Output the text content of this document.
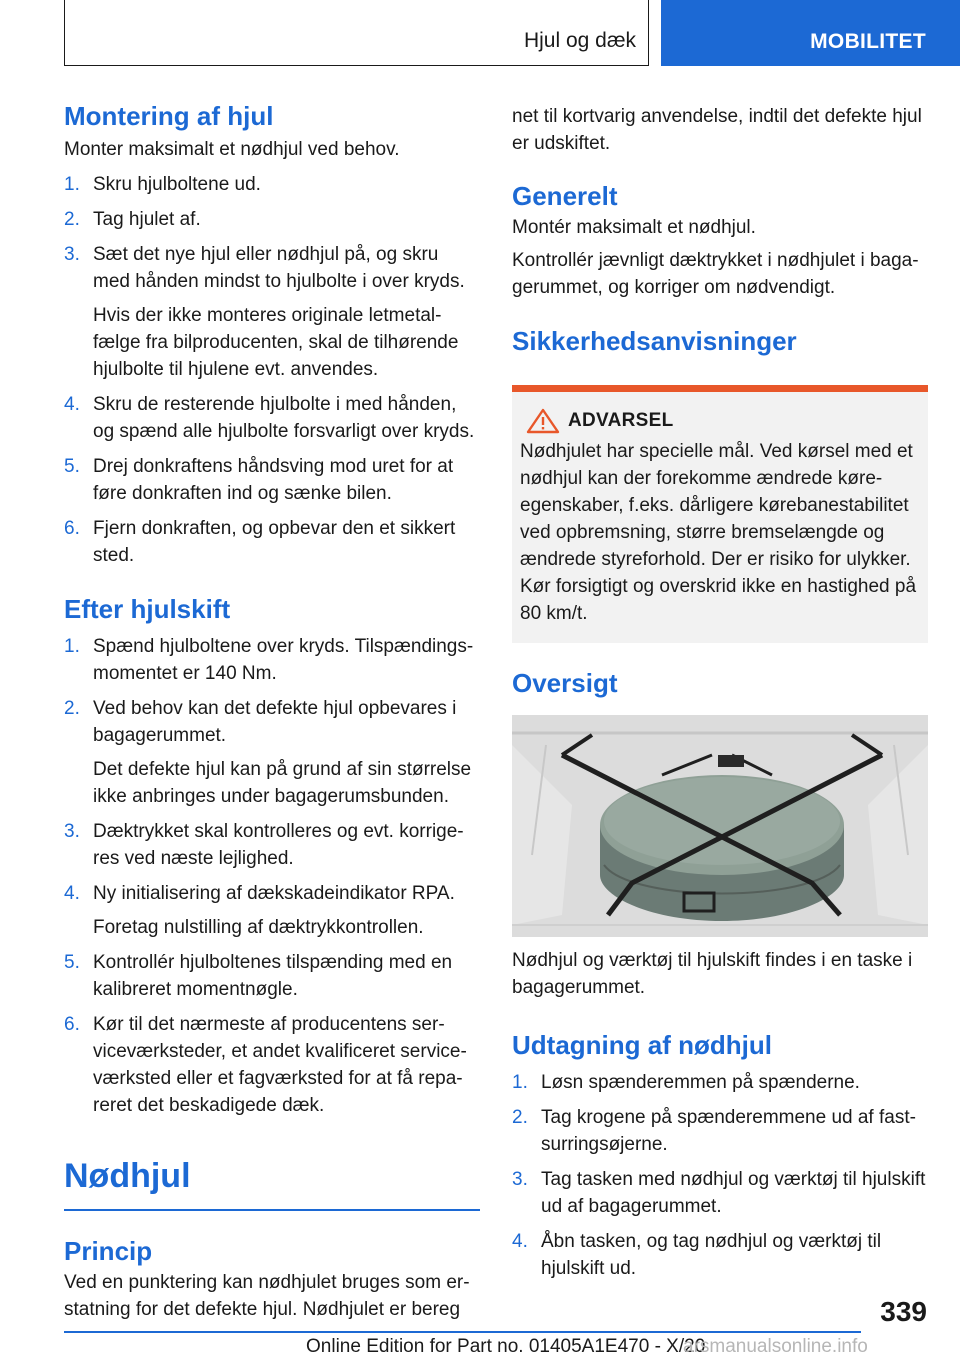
Hjul og dæk	MOBILITET
Montering af hjul

Monter maksimalt et nødhjul ved behov.

1. Skru hjulboltene ud.
2. Tag hjulet af.
3. Sæt det nye hjul eller nødhjul på, og skru med hånden mindst to hjulbolte i over kryds.
Hvis der ikke monteres originale letmetalfælge fra bilproducenten, skal de tilhørende hjulbolte til hjulene evt. anvendes.
4. Skru de resterende hjulbolte i med hånden, og spænd alle hjulbolte forsvarligt over kryds.
5. Drej donkraftens håndsving mod uret for at føre donkraften ind og sænke bilen.
6. Fjern donkraften, og opbevar den et sikkert sted.
Efter hjulskift
1. Spænd hjulboltene over kryds. Tilspændingsmomentet er 140 Nm.
2. Ved behov kan det defekte hjul opbevares i bagagerummet.
Det defekte hjul kan på grund af sin størrelse ikke anbringes under bagagerumsbunden.
3. Dæktrykket skal kontrolleres og evt. korrigeres ved næste lejlighed.
4. Ny initialisering af dækskadeindikator RPA.
Foretag nulstilling af dæktrykkontrollen.
5. Kontrollér hjulboltenes tilspænding med en kalibreret momentnøgle.
6. Kør til det nærmeste af producentens serviceværksteder, et andet kvalificeret serviceværksted eller et fagværksted for at få repareret det beskadigede dæk.
Nødhjul
Princip

Ved en punktering kan nødhjulet bruges som erstatning for det defekte hjul. Nødhjulet er bereg

net til kortvarig anvendelse, indtil det defekte hjul er udskiftet.

Generelt

Montér maksimalt et nødhjul.

Kontrollér jævnligt dæktrykket i nødhjulet i bagagerummet, og korriger om nødvendigt.

Sikkerhedsanvisninger
ADVARSEL

Nødhjulet har specielle mål. Ved kørsel med et nødhjul kan der forekomme ændrede køreegenskaber, f.eks. dårligere kørebanestabilitet ved opbremsning, større bremselængde og ændrede styreforhold. Der er risiko for ulykker. Kør forsigtigt og overskrid ikke en hastighed på 80 km/t.

Oversigt

Nødhjul og værktøj til hjulskift findes i en taske i bagagerummet.

Udtagning af nødhjul
1. Løsn spænderemmen på spænderne.
2. Tag krogene på spænderemmene ud af fastsurringsøjerne.
3. Tag tasken med nødhjul og værktøj til hjulskift ud af bagagerummet.
4. Åbn tasken, og tag nødhjul og værktøj til hjulskift ud.
339
Online Edition for Part no. 01405A1E470 - X/20
arsmanualsonline.info
